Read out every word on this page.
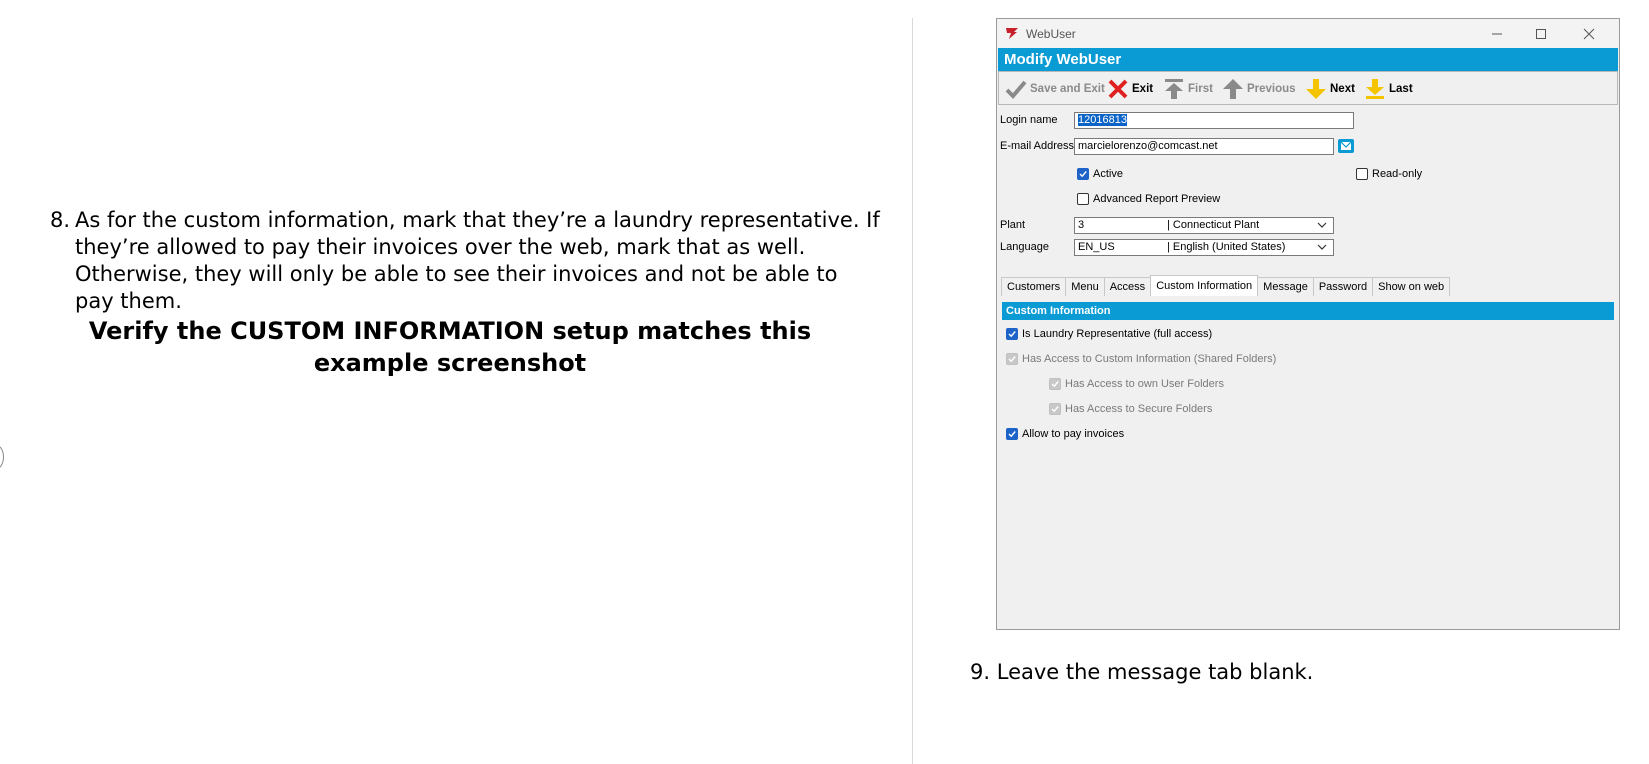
8. As for the custom information, mark that they’re a laundry representative. If they’re allowed to pay their invoices over the web, mark that as well. Otherwise, they will only be able to see their invoices and not be able to pay them.
Verify the CUSTOM INFORMATION setup matches this example screenshot
9. Leave the message tab blank.
WebUser
Modify WebUser
Save and Exit Exit	First	Previous	Next	Last
Login name	12016813
E-mail Address marcielorenzo@comcast.net
Active	Read-only
Advanced Report Preview
Plant	3	| Connecticut Plant
Language	EN_US	| English (United States)
Customers	Menu	Access	Custom Information	Message	Password	Show on web
Custom Information
Is Laundry Representative (full access)
Has Access to Custom Information (Shared Folders)
Has Access to own User Folders
Has Access to Secure Folders
Allow to pay invoices
